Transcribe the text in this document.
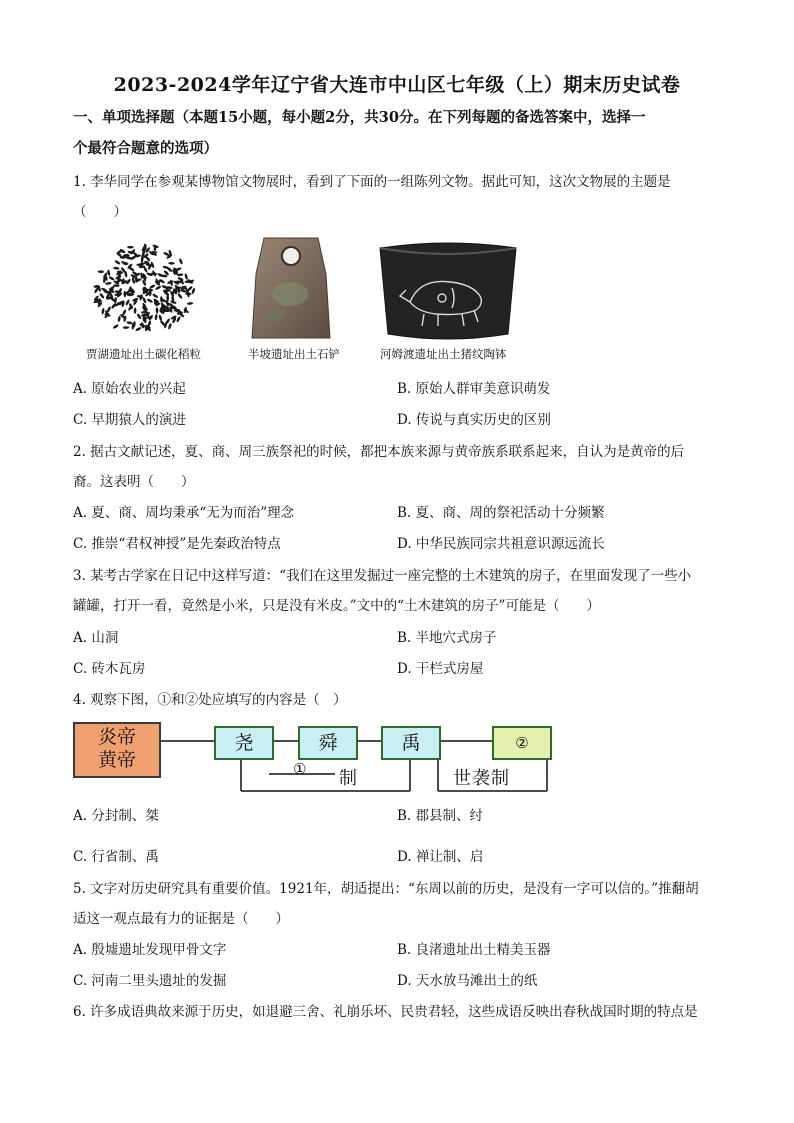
2023-2024学年辽宁省大连市中山区七年级（上）期末历史试卷
一、单项选择题（本题15小题，每小题2分，共30分。在下列每题的备选答案中，选择一
个最符合题意的选项）
1. 李华同学在参观某博物馆文物展时，看到了下面的一组陈列文物。据此可知，这次文物展的主题是
（　　）
贾湖遗址出土碳化稻粒	半坡遗址出土石铲	河姆渡遗址出土猪纹陶钵
A. 原始农业的兴起	B. 原始人群审美意识萌发
C. 早期猿人的演进	D. 传说与真实历史的区别
2. 据古文献记述，夏、商、周三族祭祀的时候，都把本族来源与黄帝族系联系起来，自认为是黄帝的后
裔。这表明（　　）
A. 夏、商、周均秉承“无为而治”理念	B. 夏、商、周的祭祀活动十分频繁
C. 推崇“君权神授”是先秦政治特点	D. 中华民族同宗共祖意识源远流长
3. 某考古学家在日记中这样写道：“我们在这里发掘过一座完整的土木建筑的房子，在里面发现了一些小
罐罐，打开一看，竟然是小米，只是没有米皮。”文中的“土木建筑的房子”可能是（　　）
A. 山洞	B. 半地穴式房子
C. 砖木瓦房	D. 干栏式房屋
4. 观察下图，①和②处应填写的内容是（　）
炎帝
黄帝
尧	舜	禹	②
① 制	世袭制
A. 分封制、桀	B. 郡县制、纣
C. 行省制、禹	D. 禅让制、启
5. 文字对历史研究具有重要价值。1921年，胡适提出：“东周以前的历史，是没有一字可以信的。”推翻胡
适这一观点最有力的证据是（　　）
A. 殷墟遗址发现甲骨文字	B. 良渚遗址出土精美玉器
C. 河南二里头遗址的发掘	D. 天水放马滩出土的纸
6. 许多成语典故来源于历史，如退避三舍、礼崩乐坏、民贵君轻，这些成语反映出春秋战国时期的特点是
